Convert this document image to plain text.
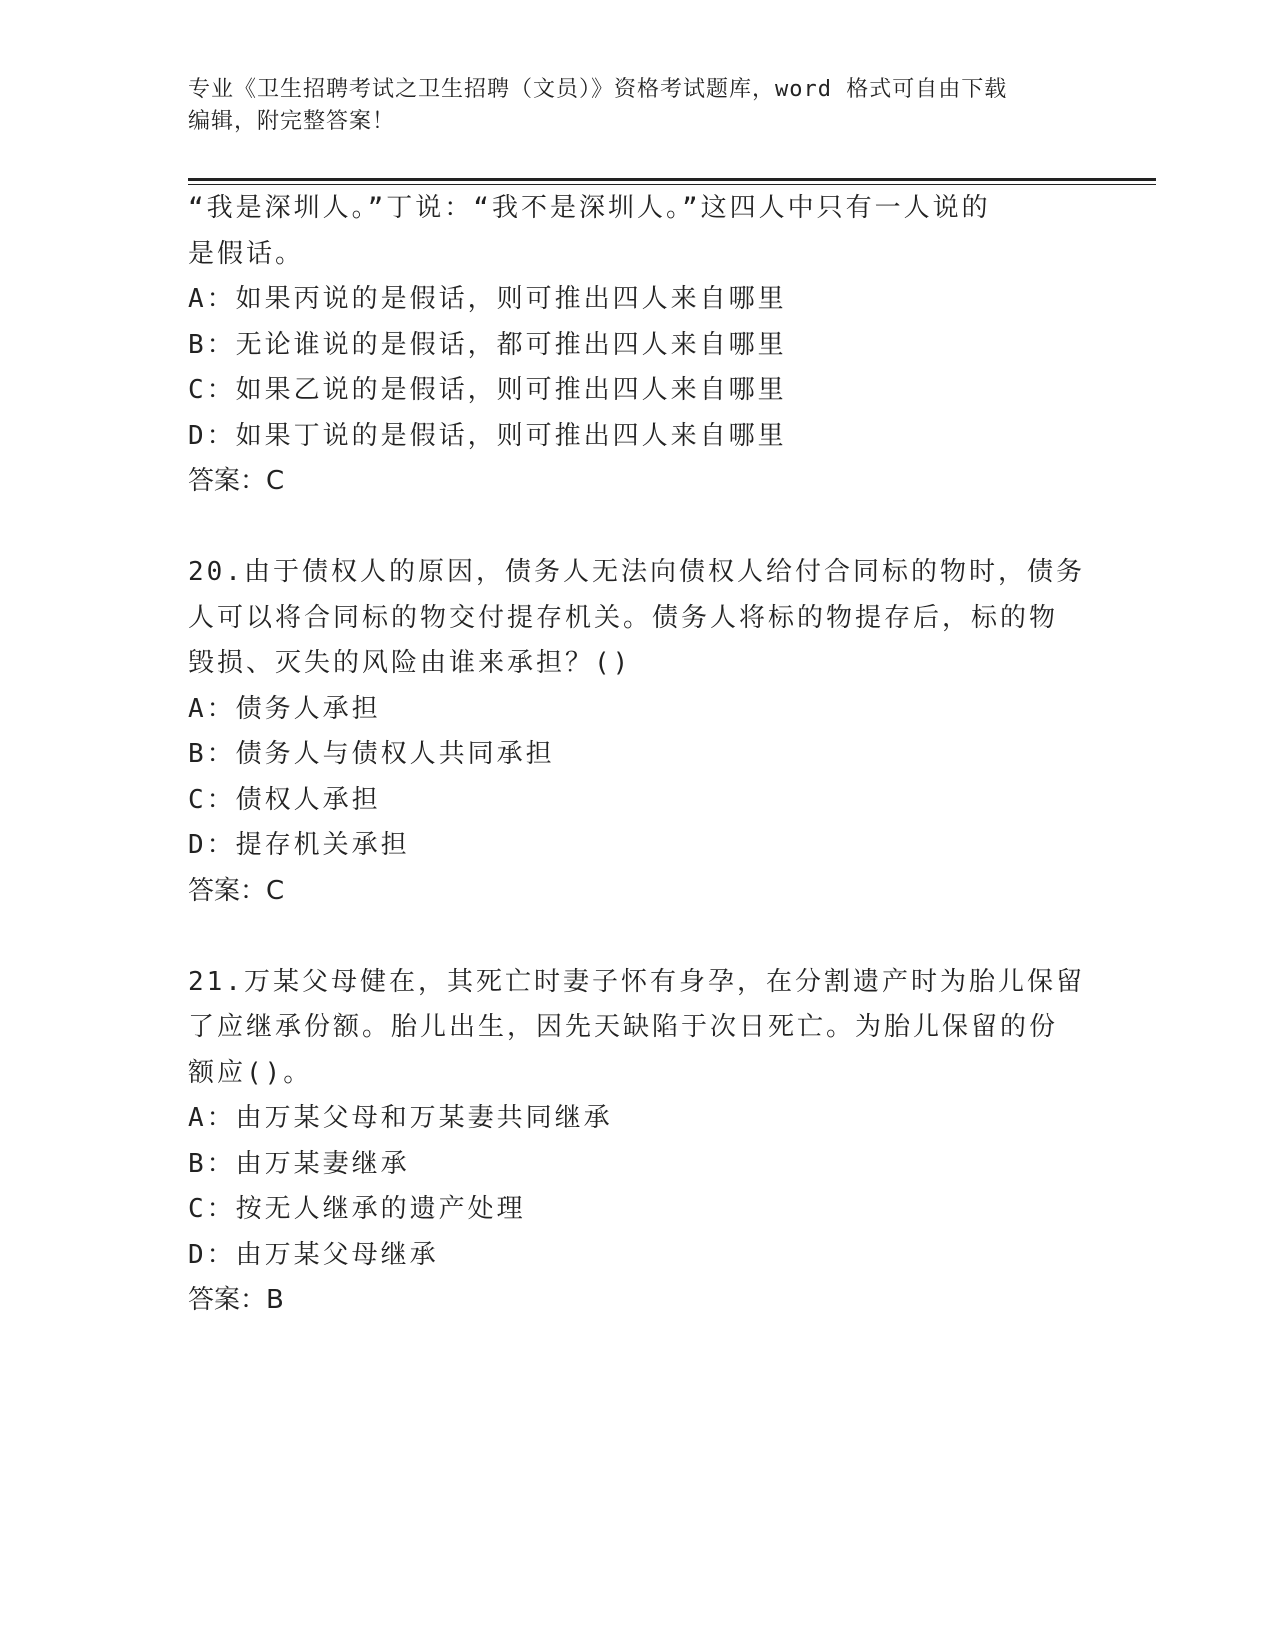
专业《卫生招聘考试之卫生招聘（文员）》资格考试题库，word 格式可自由下载
编辑，附完整答案！
“我是深圳人。”丁说：“我不是深圳人。”这四人中只有一人说的
是假话。
A：如果丙说的是假话，则可推出四人来自哪里
B：无论谁说的是假话，都可推出四人来自哪里
C：如果乙说的是假话，则可推出四人来自哪里
D：如果丁说的是假话，则可推出四人来自哪里
答案：C
20.由于债权人的原因，债务人无法向债权人给付合同标的物时，债务
人可以将合同标的物交付提存机关。债务人将标的物提存后，标的物
毁损、灭失的风险由谁来承担？()
A：债务人承担
B：债务人与债权人共同承担
C：债权人承担
D：提存机关承担
答案：C
21.万某父母健在，其死亡时妻子怀有身孕，在分割遗产时为胎儿保留
了应继承份额。胎儿出生，因先天缺陷于次日死亡。为胎儿保留的份
额应()。
A：由万某父母和万某妻共同继承
B：由万某妻继承
C：按无人继承的遗产处理
D：由万某父母继承
答案：B
